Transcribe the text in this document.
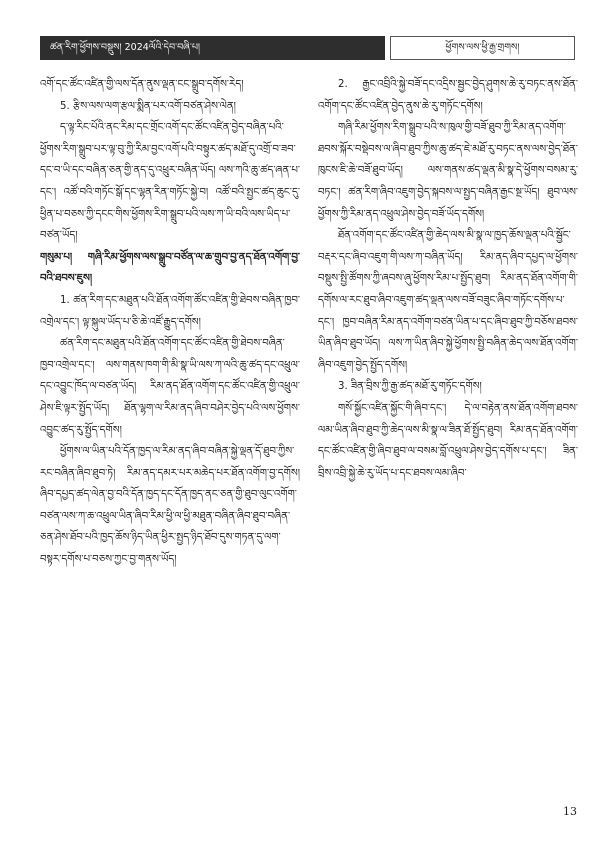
ཚན་རིག་ཕྱོགས་བསྡུས། 2024ལོའི་དེབ་བཞི་པ།	ཕྱོགས་ལས་ཕྱི་རྒྱ་གྲགས།

འགོ་དང་ཚོང་འཛིན་གྱི་ལས་དོན་ནུས་ལྡན་ངང་སྒྲུབ་དགོས་རེད།

5. རྩིས་ལས་ལག་རྩལ་སྨིན་པར་འགོ་བཙན་ཤེས་ལེན།

ད་ལྟ་རིང་པོའི་ནང་རིམ་དང་གྲོང་འགོ་དང་ཚོང་འཛིན་བྱེད་བཞིན་པའི་ཕྱོགས་རིག་སྒྲུབ་པར་ལྟ་བུ་ཀྱི་རིམ་བྱང་འགོ་པའི་བསྟུར་ཚད་མཐོ་དུ་འགྲོ་བ་ཟབ་དང་བ་ཡི་དང་བཞིན་ཅན་གྱི་ནད་དུ་འཕྲུར་བཞིན་ཡོད། ལས་ཀའི་ཆུ་ཚད་ཞན་པ་དང་། འཚོ་བའི་གཏོང་སྒོ་དང་ལྷན་རིན་གཏོང་སྐྱེ་བ། འཚོ་བའི་སྤྱང་ཚད་ཆུང་དུ་ཕྱིན་པ་བཅས་ཀྱི་དངང་གིས་ཕྱོགས་རིག་སྒྲུབ་པའི་ལས་ཀ་ཡི་བའི་ལས་ཡིད་པ་བཙན་ཡོད།

གསུམ་པ། གཞི་རིམ་ཕྱོགས་ལས་སྒྲུབ་བཙོན་ལ་ཆ་གྲུབ་བྱ་ནད་ཐོན་འགོག་བྱ་བའི་ཐབས་ཇུས།

1. ཚན་རིག་དང་མཐུན་པའི་ཐོན་འགོག་ཚོང་འཛིན་གྱི་ཐེབས་བཞིན་ཁྱབ་འགྲེལ་དང་། ལྟ་སྐུལ་ཡོད་པ་ཅི་ཆེ་འཛོ་རྒྱུད་དགོས།

ཚན་རིག་དང་མཐུན་པའི་ཐོན་འགོག་དང་ཚོང་འཛིན་གྱི་ཐེབས་བཞིན་ཁྱབ་འགྲེལ་དང་། ལས་གནས་ཁག་གི་མི་སྣ་ཡི་ལས་ཀ་ལའི་ཆུ་ཚད་དང་འཕྲུལ་དང་འབྱུང་ཁོད་ལ་བཙན་ཡོད། རིམ་ནད་ཐོན་འགོག་དང་ཚོང་འཛིན་གྱི་འཕྲུལ་ཤེས་ཇི་ལྟར་སྤྱོད་ཡོད། ཐོན་ལྷག་ལ་རིམ་ནད་ཞིབ་བཤེར་བྱེད་པའི་ལས་ཕྱོགས་འབྱུང་ཚད་རུ་སྤྱོད་དགོས།

ཕྱོགས་ལ་ཡིན་པའི་དོན་ཁྱད་ལ་རིམ་ནད་ཞིབ་བཞིན་སྐྱེ་ལྡན་དོ་ཐུབ་ཀྱིས་རང་བཞིན་ཞིབ་ཐུབ་ཏེ། རིམ་ནད་དམར་པར་མཆེད་པར་ཐོན་འགོག་བྱ་དགོས། ཞིབ་དཔྱད་ཚད་ལེན་བྱ་བའི་དོན་ཁྱད་དང་དོན་ཁྱད་ནང་ཅན་གྱི་ཐུབ་ལུང་འགོག་བཙན་ལས་ཀ་ཆ་འཕྲུལ་ཡིན་ཞིབ་རིམ་ཕྱི་ལ་ཕྱི་མཐུན་བཞིན་ཞིབ་ཐུབ་བཞིན་ཅན་ཤེས་ཐོབ་པའི་ཁྱད་ཆོས་ཉིད་ཡིན་ཕྱིར་སྤྱད་ཉིད་ཐོབ་དུས་གཏན་དུ་ལག་བསྟར་དགོས་པ་བཅས་ཀྱང་བྱ་གནས་ཡོད།

2. རྒྱང་འབྲིའི་སྐྱེ་བཟོ་དང་འདྲིས་སྦྱང་བྱེད་ཤུགས་ཆེ་རུ་བཏང་ནས་ཐོན་འགོག་དང་ཚོང་འཛིན་བྱེད་ནུས་ཆེ་རུ་གཏོང་དགོས།

གཞི་རིམ་ཕྱོགས་རིག་སྒྲུབ་པའི་ས་ཁུལ་གྱི་བཟོ་ཐུབ་ཀྱི་རིམ་ནད་འགོག་ཐབས་སྐོར་བསྡེབས་ལ་ཞིབ་ཐུབ་ཀྱིས་ཆུ་ཚད་ཇེ་མཐོ་རུ་བཏང་ནས་ལས་བྱེད་ཐོན་ཁུངས་ཇི་ཆེ་བཟོ་ཐུབ་ཡོད། ལས་གནས་ཚད་ལྡན་མི་སྣ་དེ་ཕྱོགས་བསམ་རུ་བཏང་། ཚན་རིག་ཞིབ་འཇུག་བྱེད་སྐབས་ལ་སྤྱད་བཞིན་རྒྱང་སྔ་ཡོད། ཐུབ་ལས་ཕྱོགས་ཀྱི་རིམ་ནད་འཕྲུལ་ཤེས་བྱེད་བཟོ་ཡོད་དགོས།

ཐོན་འགོག་དང་ཚོང་འཛིན་གྱི་ཆེད་ལས་མི་སྣ་ལ་ཁྱད་ཆོས་ལྡན་པའི་སྦྱོང་བརྡར་དང་ཞིབ་འཇུག་གི་ལས་ཀ་བཞིན་ཡོད། རིམ་ནད་ཞིབ་དཔྱད་ལ་ཕྱོགས་བསྡུས་སྤྱི་ཚོགས་ཀྱི་ཞབས་ཞུ་ཕྱོགས་རིམ་པ་སྤྱོད་ཐུབ། རིམ་ནད་ཐོན་འགོག་གི་དགོས་ལ་རང་ཐུབ་ཞིབ་འཇུག་ཚད་ལྡན་ལས་བཟོ་བཟུང་ཞིབ་གཏོང་དགོས་པ་དང་། ཁྱབ་བཞིན་རིམ་ནད་འགོག་བཙན་ཡིན་པ་དང་ཞིབ་ཐུབ་ཀྱི་བཅོས་ཐབས་ཡིན་ཞིབ་ཐུབ་ཡོད། ལས་ཀ་ཡིན་ཞིབ་སྐྱེ་ཕྱོགས་སྤྱི་བཞིན་ཆེད་ལས་ཐོན་འགོག་ཞིབ་འཇུག་བྱེད་སྤྱོད་དགོས།

3. ཟིན་བྲིས་ཀྱི་རྒྱ་ཚད་མཐོ་རུ་གཏོང་དགོས།

གསོ་སྐྱོང་འཛིན་སྐྱོང་གི་ཞིབ་དང་། དེ་ལ་བརྟེན་ནས་ཐོན་འགོག་ཐབས་ལམ་ཡིན་ཞིབ་ཐུབ་ཀྱི་ཆེད་ལས་མི་སྣ་ལ་ཟིན་ཐོ་སྤྱོད་ཐུབ། རིམ་ནད་ཐོན་འགོག་དང་ཚོང་འཛིན་གྱི་ཞིབ་ཐུབ་ལ་བསམ་བློ་འཕྲུལ་ཤེས་བྱེད་དགོས་པ་དང་། ཟིན་བྲིས་འབྲི་སྐྱེ་ཆེ་རུ་ཡོད་པ་དང་ཐབས་ལམ་ཞིབ་

13
